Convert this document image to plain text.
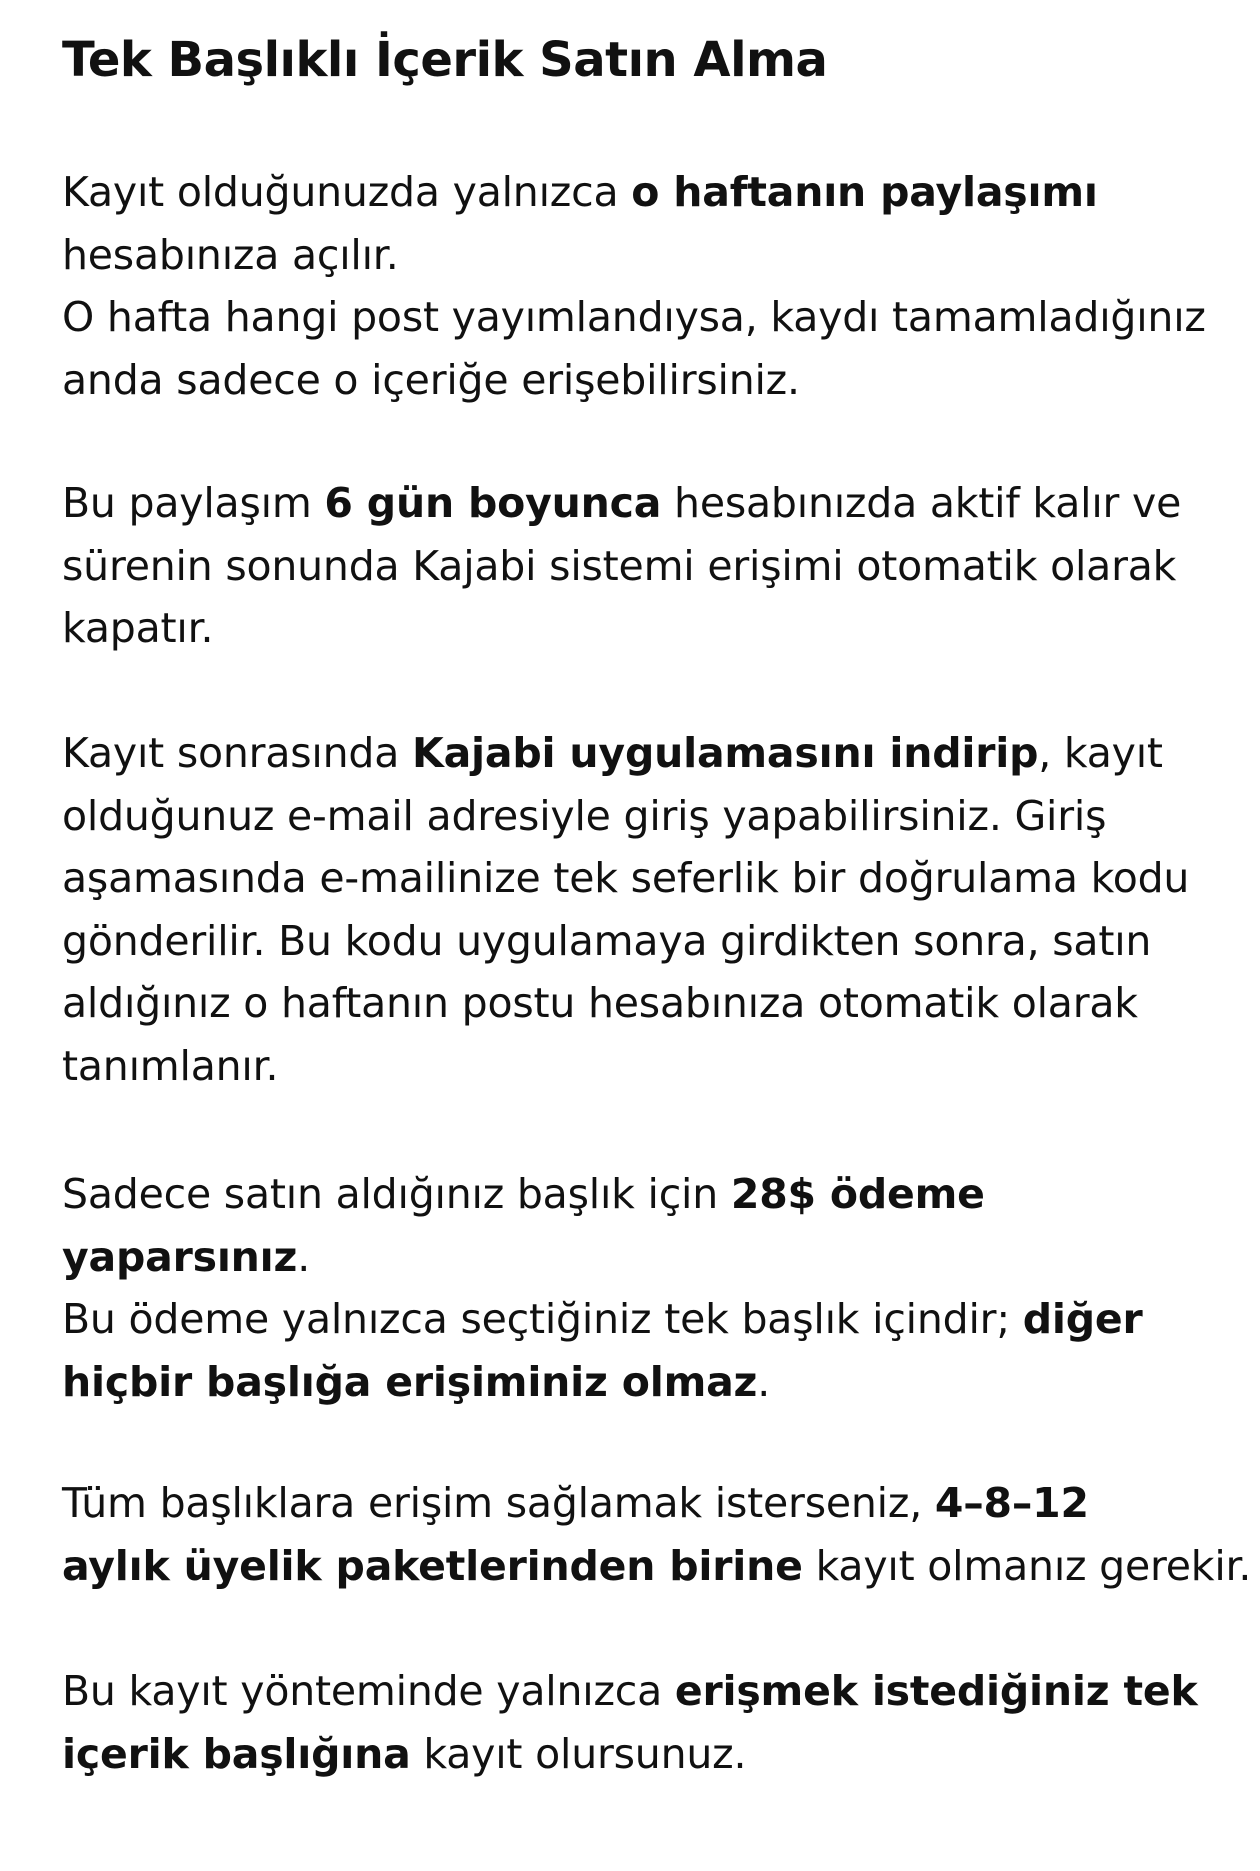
Tek Başlıklı İçerik Satın Alma
Kayıt olduğunuzda yalnızca o haftanın paylaşımı
hesabınıza açılır.
O hafta hangi post yayımlandıysa, kaydı tamamladığınız
anda sadece o içeriğe erişebilirsiniz.
Bu paylaşım 6 gün boyunca hesabınızda aktif kalır ve
sürenin sonunda Kajabi sistemi erişimi otomatik olarak
kapatır.
Kayıt sonrasında Kajabi uygulamasını indirip, kayıt
olduğunuz e-mail adresiyle giriş yapabilirsiniz. Giriş
aşamasında e-mailinize tek seferlik bir doğrulama kodu
gönderilir. Bu kodu uygulamaya girdikten sonra, satın
aldığınız o haftanın postu hesabınıza otomatik olarak
tanımlanır.
Sadece satın aldığınız başlık için 28$ ödeme
yaparsınız.
Bu ödeme yalnızca seçtiğiniz tek başlık içindir; diğer
hiçbir başlığa erişiminiz olmaz.
Tüm başlıklara erişim sağlamak isterseniz, 4–8–12
aylık üyelik paketlerinden birine kayıt olmanız gerekir.
Bu kayıt yönteminde yalnızca erişmek istediğiniz tek
içerik başlığına kayıt olursunuz.
